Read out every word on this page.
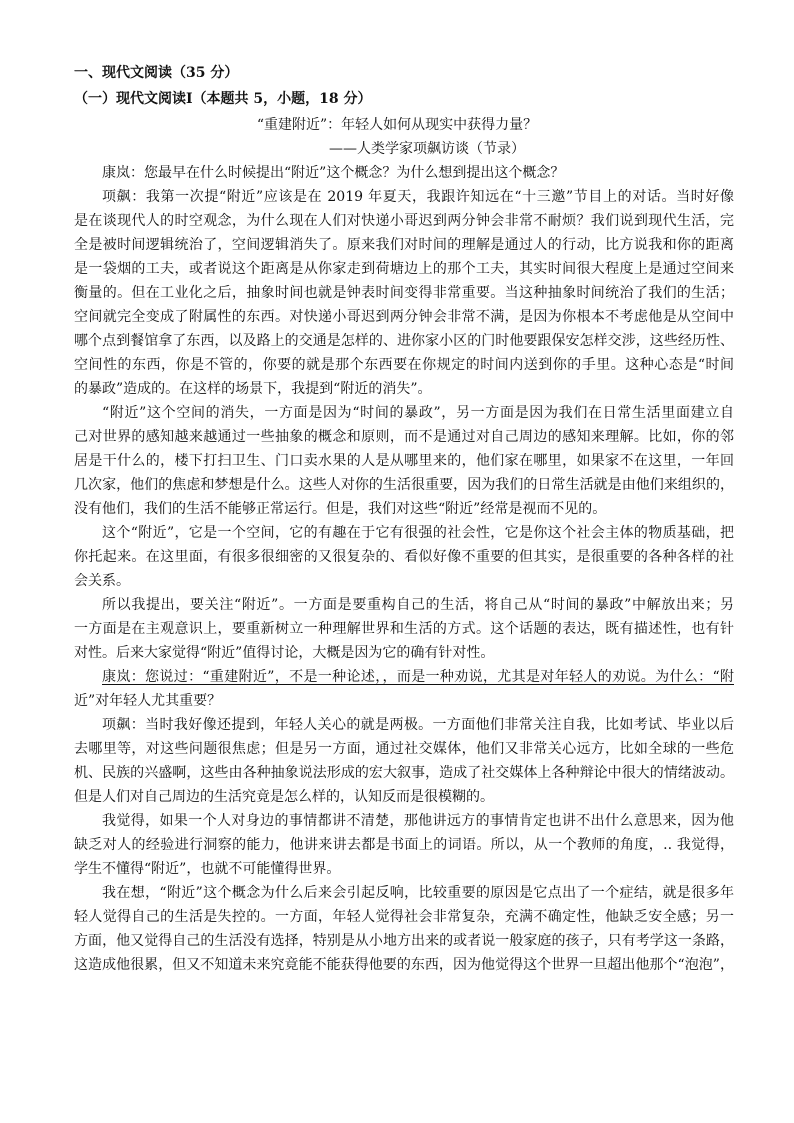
一、现代文阅读（35 分）
（一）现代文阅读Ⅰ（本题共 5，小题，18 分）
“重建附近”：年轻人如何从现实中获得力量？
——人类学家项飙访谈（节录）
康岚：您最早在什么时候提出“附近”这个概念？为什么想到提出这个概念？
项飙：我第一次提“附近”应该是在 2019 年夏天，我跟许知远在“十三邀”节目上的对话。当时好像
是在谈现代人的时空观念，为什么现在人们对快递小哥迟到两分钟会非常不耐烦？我们说到现代生活，完
全是被时间逻辑统治了，空间逻辑消失了。原来我们对时间的理解是通过人的行动，比方说我和你的距离
是一袋烟的工夫，或者说这个距离是从你家走到荷塘边上的那个工夫，其实时间很大程度上是通过空间来
衡量的。但在工业化之后，抽象时间也就是钟表时间变得非常重要。当这种抽象时间统治了我们的生活；
空间就完全变成了附属性的东西。对快递小哥迟到两分钟会非常不满，是因为你根本不考虑他是从空间中
哪个点到餐馆拿了东西，以及路上的交通是怎样的、进你家小区的门时他要跟保安怎样交涉，这些经历性、
空间性的东西，你是不管的，你要的就是那个东西要在你规定的时间内送到你的手里。这种心态是“时间
的暴政”造成的。在这样的场景下，我提到“附近的消失”。
“附近”这个空间的消失，一方面是因为“时间的暴政”，另一方面是因为我们在日常生活里面建立自
己对世界的感知越来越通过一些抽象的概念和原则，而不是通过对自己周边的感知来理解。比如，你的邻
居是干什么的，楼下打扫卫生、门口卖水果的人是从哪里来的，他们家在哪里，如果家不在这里，一年回
几次家，他们的焦虑和梦想是什么。这些人对你的生活很重要，因为我们的日常生活就是由他们来组织的，
没有他们，我们的生活不能够正常运行。但是，我们对这些“附近”经常是视而不见的。
这个“附近”，它是一个空间，它的有趣在于它有很强的社会性，它是你这个社会主体的物质基础，把
你托起来。在这里面，有很多很细密的又很复杂的、看似好像不重要的但其实，是很重要的各种各样的社
会关系。
所以我提出，要关注“附近”。一方面是要重构自己的生活，将自己从“时间的暴政”中解放出来；另
一方面是在主观意识上，要重新树立一种理解世界和生活的方式。这个话题的表达，既有描述性，也有针
对性。后来大家觉得“附近”值得讨论，大概是因为它的确有针对性。
康岚：您说过：“重建附近”，不是一种论述，，而是一种劝说，尤其是对年轻人的劝说。为什么：“附
近”对年轻人尤其重要？
项飙：当时我好像还提到，年轻人关心的就是两极。一方面他们非常关注自我，比如考试、毕业以后
去哪里等，对这些问题很焦虑；但是另一方面，通过社交媒体，他们又非常关心远方，比如全球的一些危
机、民族的兴盛啊，这些由各种抽象说法形成的宏大叙事，造成了社交媒体上各种辩论中很大的情绪波动。
但是人们对自己周边的生活究竟是怎么样的，认知反而是很模糊的。
我觉得，如果一个人对身边的事情都讲不清楚，那他讲远方的事情肯定也讲不出什么意思来，因为他
缺乏对人的经验进行洞察的能力，他讲来讲去都是书面上的词语。所以，从一个教师的角度，.. 我觉得，
学生不懂得“附近”，也就不可能懂得世界。
我在想，“附近”这个概念为什么后来会引起反响，比较重要的原因是它点出了一个症结，就是很多年
轻人觉得自己的生活是失控的。一方面，年轻人觉得社会非常复杂，充满不确定性，他缺乏安全感；另一
方面，他又觉得自己的生活没有选择，特别是从小地方出来的或者说一般家庭的孩子，只有考学这一条路，
这造成他很累，但又不知道未来究竟能不能获得他要的东西，因为他觉得这个世界一旦超出他那个“泡泡”，
